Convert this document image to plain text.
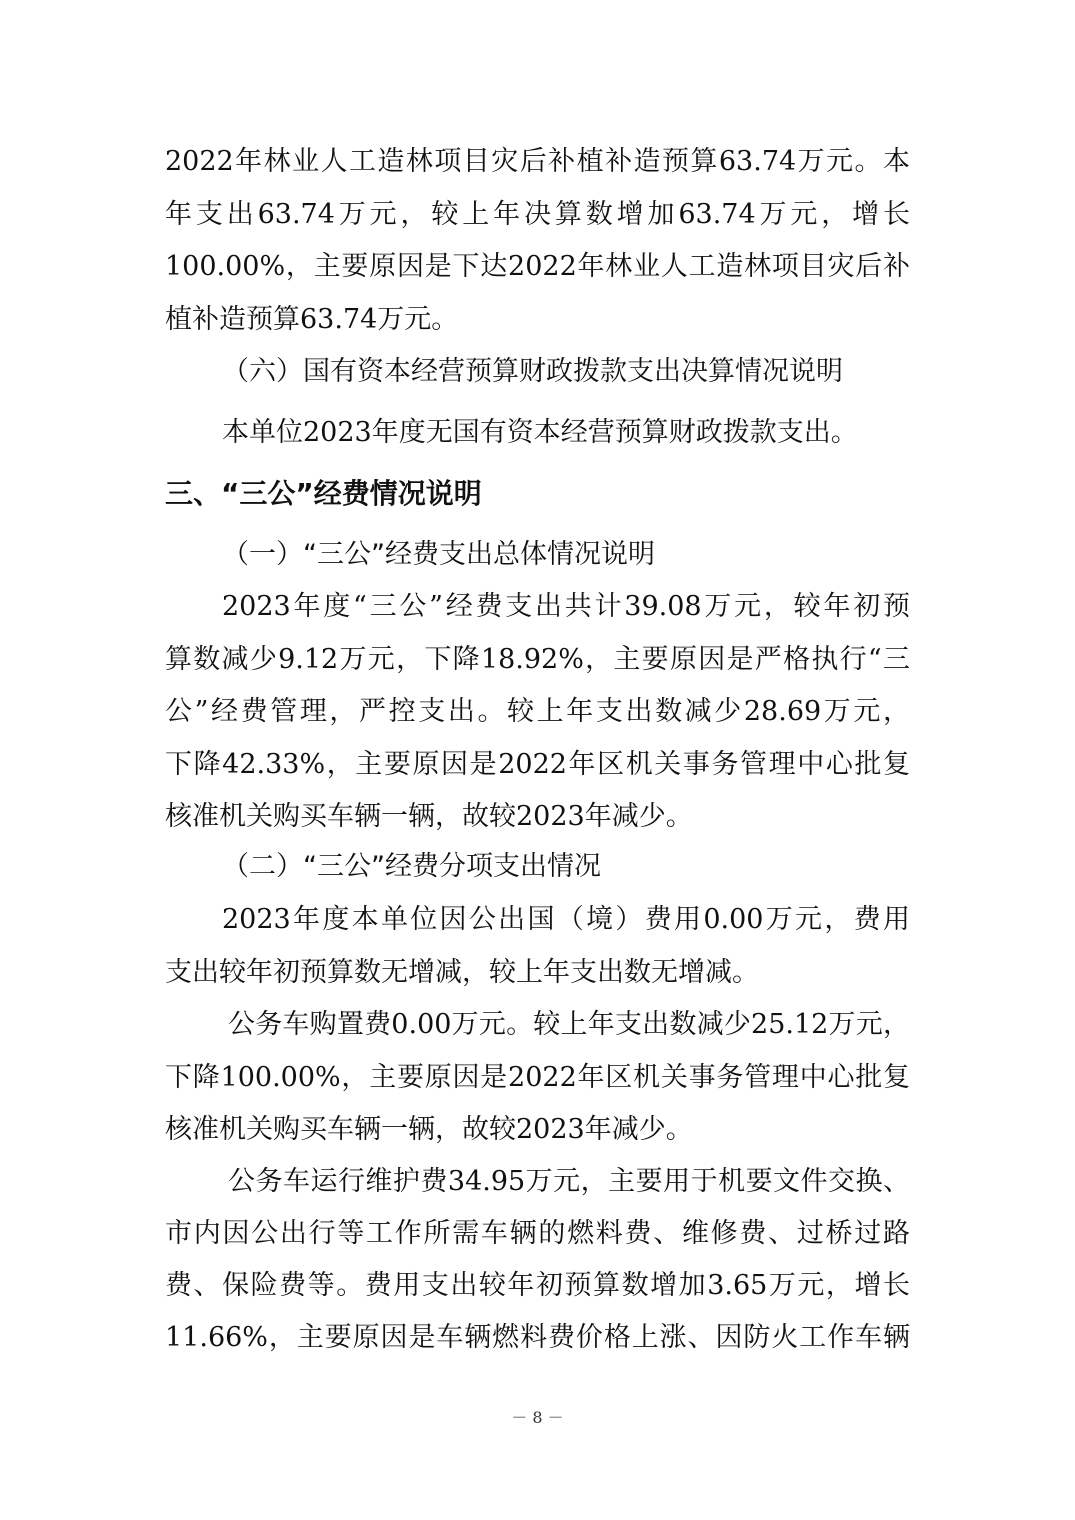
2022年林业人工造林项目灾后补植补造预算63.74万元。本

年支出63.74万元，较上年决算数增加63.74万元，增长

100.00%，主要原因是下达2022年林业人工造林项目灾后补

植补造预算63.74万元。

（六）国有资本经营预算财政拨款支出决算情况说明

本单位2023年度无国有资本经营预算财政拨款支出。

三、“三公”经费情况说明

（一）“三公”经费支出总体情况说明

2023年度“三公”经费支出共计39.08万元，较年初预

算数减少9.12万元，下降18.92%，主要原因是严格执行“三

公”经费管理，严控支出。较上年支出数减少28.69万元，

下降42.33%，主要原因是2022年区机关事务管理中心批复

核准机关购买车辆一辆，故较2023年减少。

（二）“三公”经费分项支出情况

2023年度本单位因公出国（境）费用0.00万元，费用

支出较年初预算数无增减，较上年支出数无增减。

公务车购置费0.00万元。较上年支出数减少25.12万元，

下降100.00%，主要原因是2022年区机关事务管理中心批复

核准机关购买车辆一辆，故较2023年减少。

公务车运行维护费34.95万元，主要用于机要文件交换、

市内因公出行等工作所需车辆的燃料费、维修费、过桥过路

费、保险费等。费用支出较年初预算数增加3.65万元，增长

11.66%，主要原因是车辆燃料费价格上涨、因防火工作车辆

－ 8 －
